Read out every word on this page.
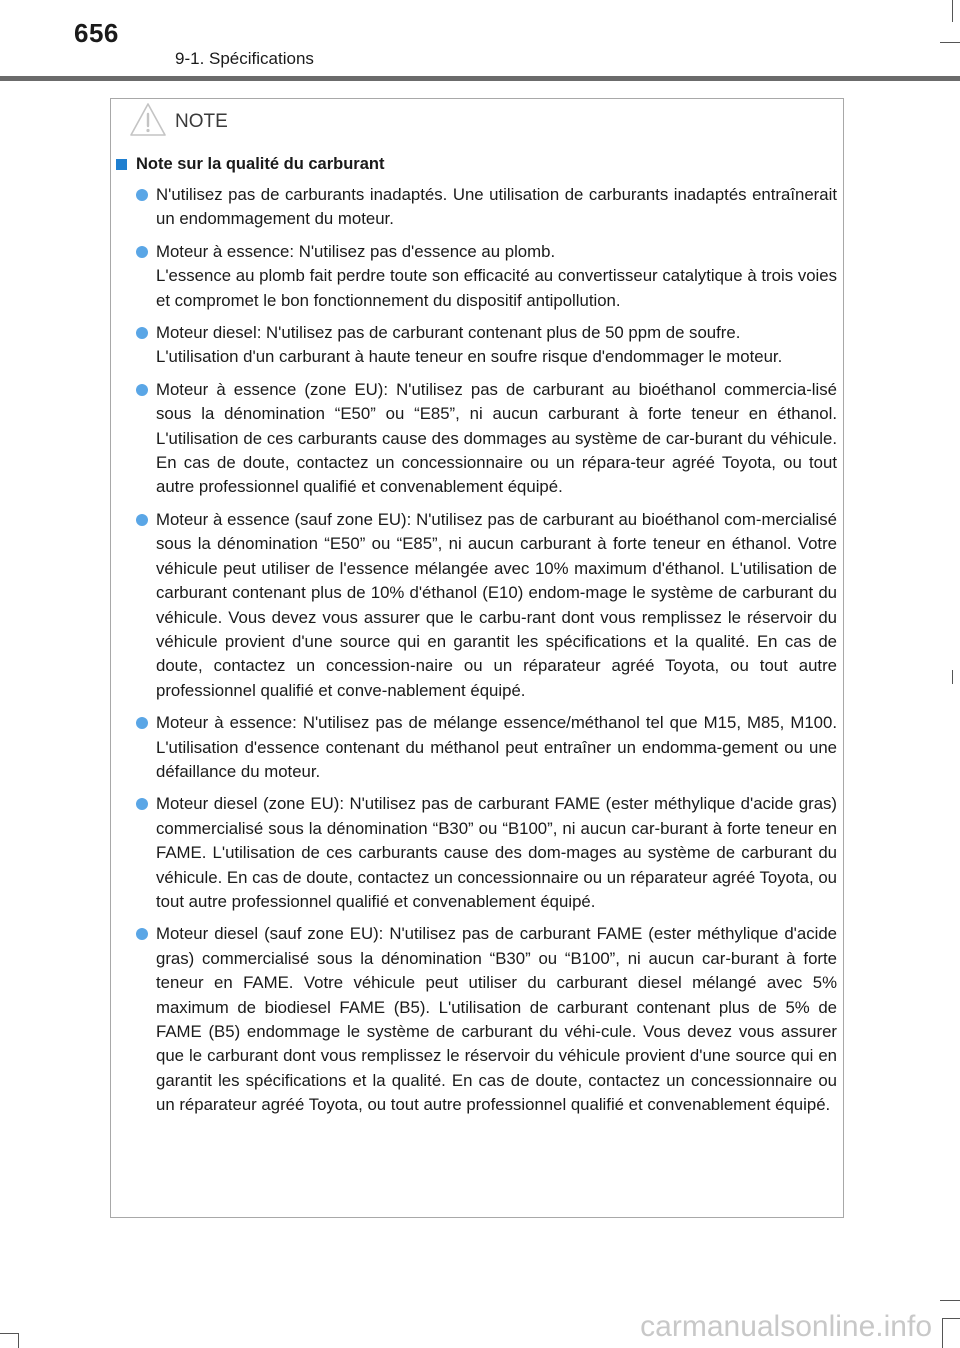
656
9-1. Spécifications
NOTE
Note sur la qualité du carburant
N'utilisez pas de carburants inadaptés. Une utilisation de carburants inadaptés entraînerait un endommagement du moteur.
Moteur à essence: N'utilisez pas d'essence au plomb.
L'essence au plomb fait perdre toute son efficacité au convertisseur catalytique à trois voies et compromet le bon fonctionnement du dispositif antipollution.
Moteur diesel: N'utilisez pas de carburant contenant plus de 50 ppm de soufre.
L'utilisation d'un carburant à haute teneur en soufre risque d'endommager le moteur.
Moteur à essence (zone EU): N'utilisez pas de carburant au bioéthanol commercia-lisé sous la dénomination “E50” ou “E85”, ni aucun carburant à forte teneur en éthanol. L'utilisation de ces carburants cause des dommages au système de car-burant du véhicule. En cas de doute, contactez un concessionnaire ou un répara-teur agréé Toyota, ou tout autre professionnel qualifié et convenablement équipé.
Moteur à essence (sauf zone EU): N'utilisez pas de carburant au bioéthanol com-mercialisé sous la dénomination “E50” ou “E85”, ni aucun carburant à forte teneur en éthanol. Votre véhicule peut utiliser de l'essence mélangée avec 10% maximum d'éthanol. L'utilisation de carburant contenant plus de 10% d'éthanol (E10) endom-mage le système de carburant du véhicule. Vous devez vous assurer que le carbu-rant dont vous remplissez le réservoir du véhicule provient d'une source qui en garantit les spécifications et la qualité. En cas de doute, contactez un concession-naire ou un réparateur agréé Toyota, ou tout autre professionnel qualifié et conve-nablement équipé.
Moteur à essence: N'utilisez pas de mélange essence/méthanol tel que M15, M85, M100. L'utilisation d'essence contenant du méthanol peut entraîner un endomma-gement ou une défaillance du moteur.
Moteur diesel (zone EU): N'utilisez pas de carburant FAME (ester méthylique d'acide gras) commercialisé sous la dénomination “B30” ou “B100”, ni aucun car-burant à forte teneur en FAME. L'utilisation de ces carburants cause des dom-mages au système de carburant du véhicule. En cas de doute, contactez un concessionnaire ou un réparateur agréé Toyota, ou tout autre professionnel qualifié et convenablement équipé.
Moteur diesel (sauf zone EU): N'utilisez pas de carburant FAME (ester méthylique d'acide gras) commercialisé sous la dénomination “B30” ou “B100”, ni aucun car-burant à forte teneur en FAME. Votre véhicule peut utiliser du carburant diesel mélangé avec 5% maximum de biodiesel FAME (B5). L'utilisation de carburant contenant plus de 5% de FAME (B5) endommage le système de carburant du véhi-cule. Vous devez vous assurer que le carburant dont vous remplissez le réservoir du véhicule provient d'une source qui en garantit les spécifications et la qualité. En cas de doute, contactez un concessionnaire ou un réparateur agréé Toyota, ou tout autre professionnel qualifié et convenablement équipé.
carmanualsonline.info
